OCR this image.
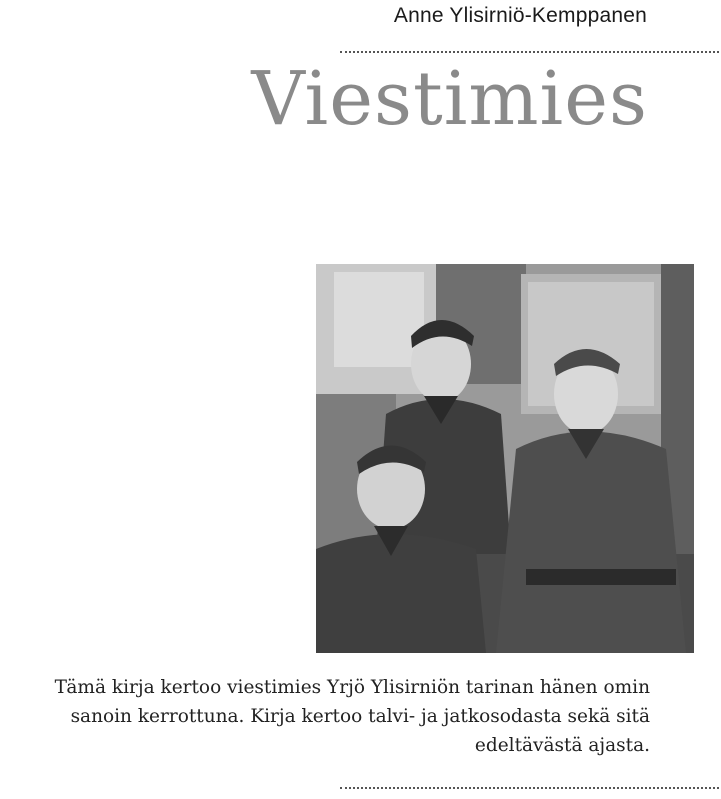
Anne Ylisirniö-Kemppanen
Viestimies
Tämä kirja kertoo viestimies Yrjö Ylisirniön tarinan hänen omin
sanoin kerrottuna. Kirja kertoo talvi- ja jatkosodasta sekä sitä
edeltävästä ajasta.
